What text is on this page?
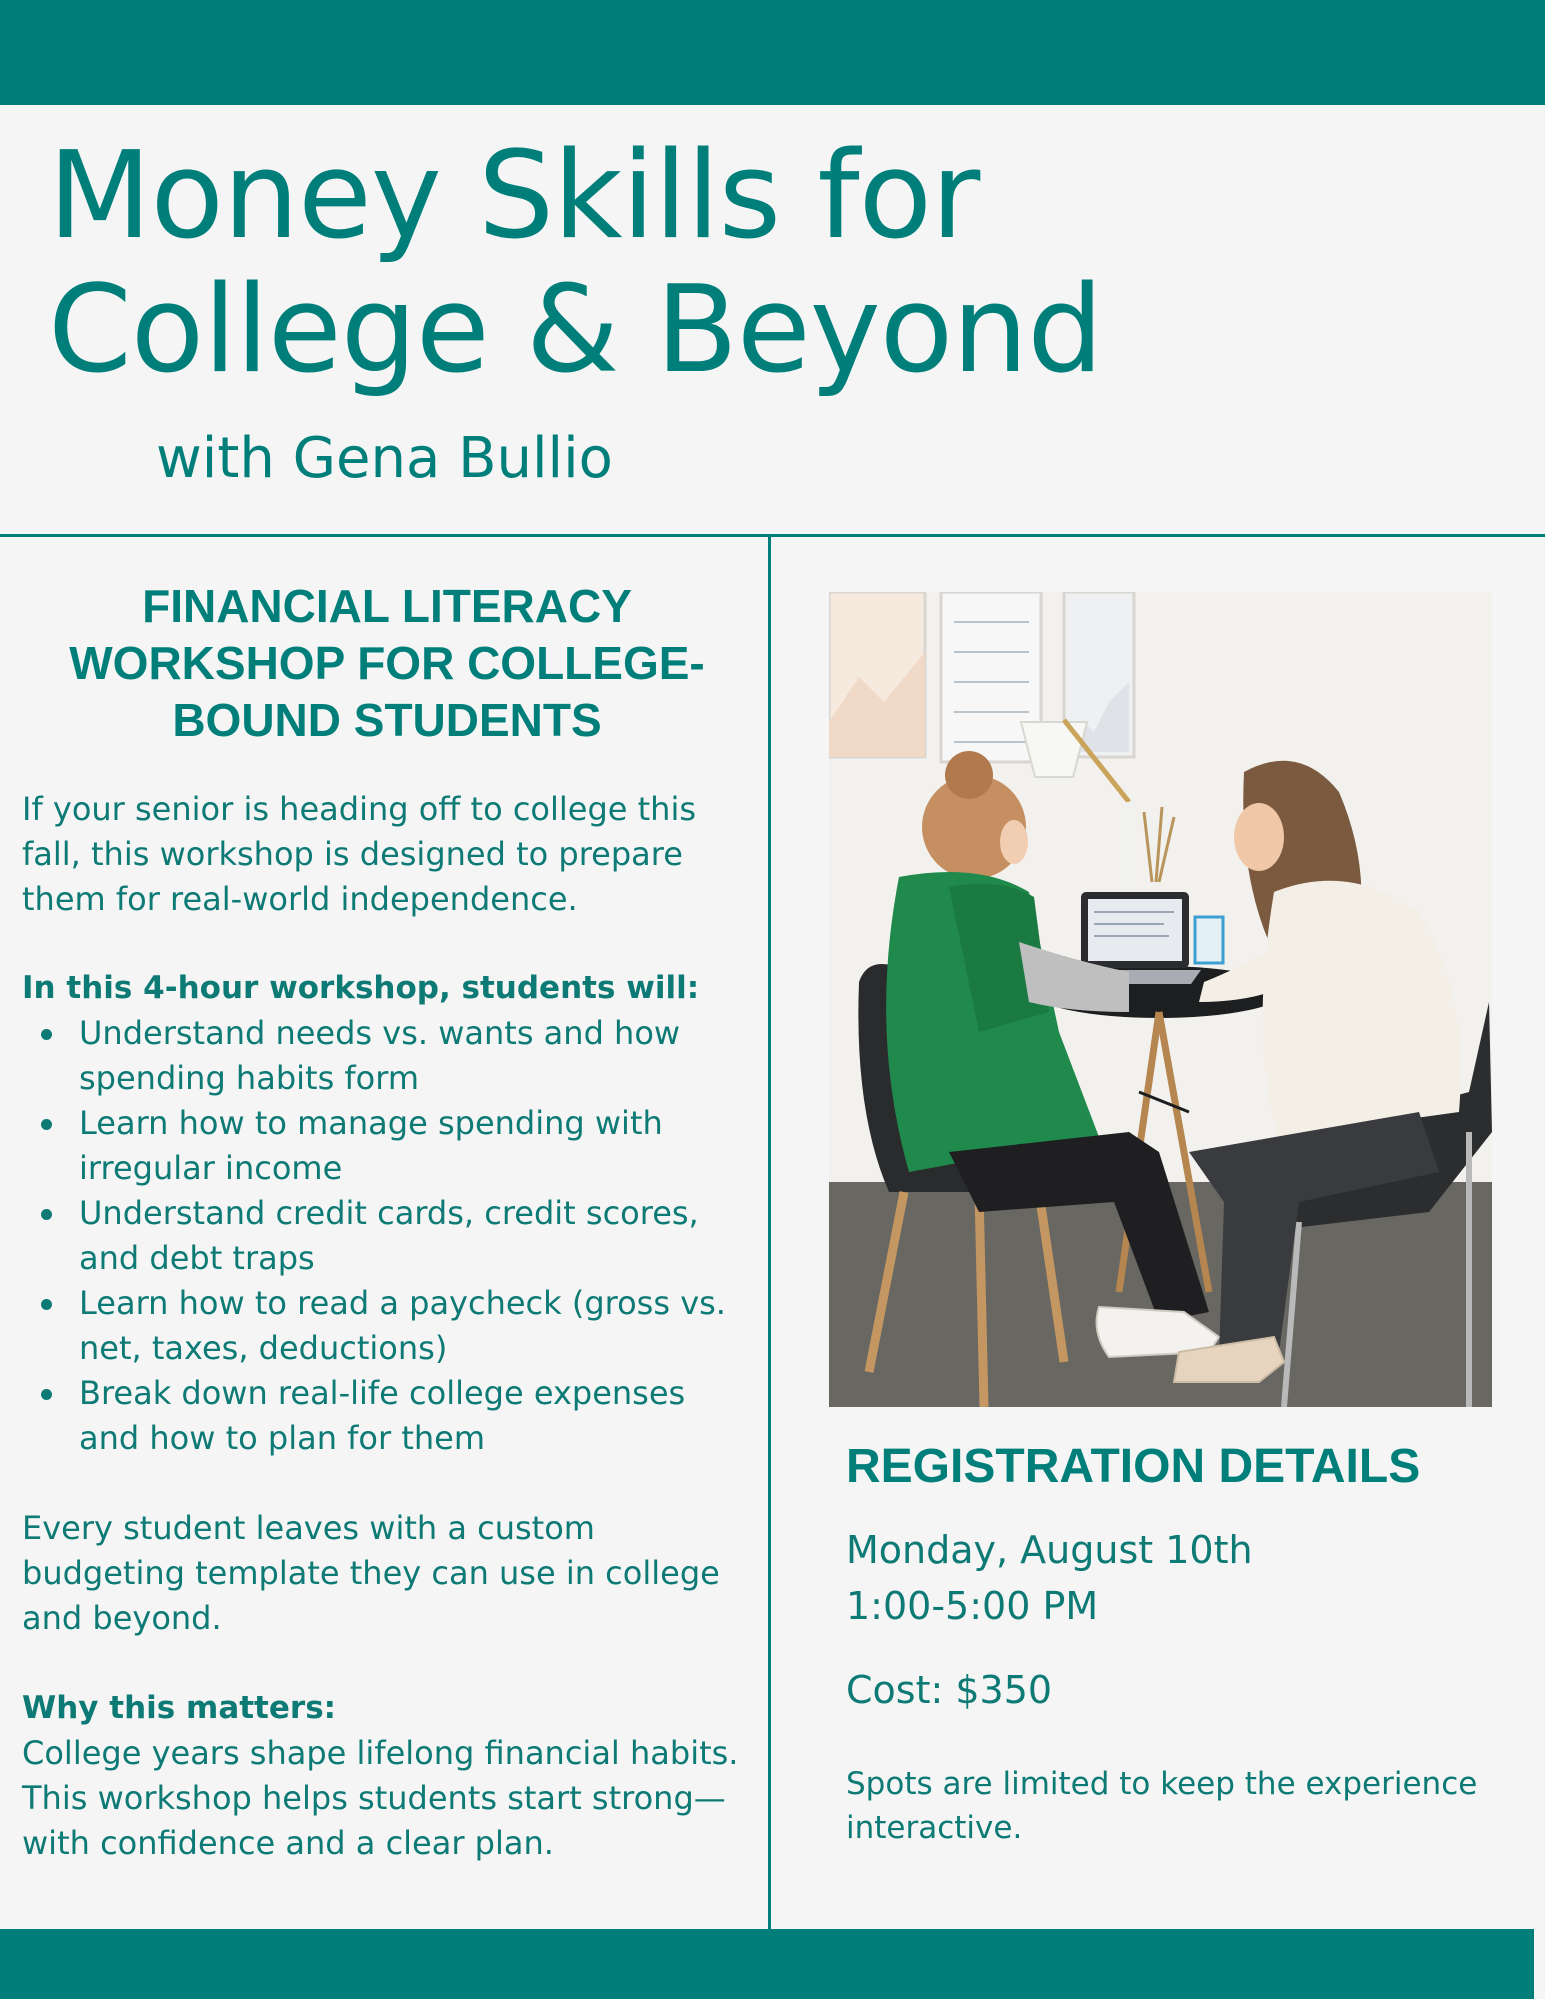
Money Skills for
College & Beyond
with Gena Bullio
FINANCIAL LITERACY
WORKSHOP FOR COLLEGE-
BOUND STUDENTS

If your senior is heading off to college this fall, this workshop is designed to prepare them for real-world independence.

In this 4-hour workshop, students will:

Understand needs vs. wants and how spending habits form
Learn how to manage spending with irregular income
Understand credit cards, credit scores, and debt traps
Learn how to read a paycheck (gross vs. net, taxes, deductions)
Break down real-life college expenses and how to plan for them

Every student leaves with a custom budgeting template they can use in college and beyond.

Why this matters:

College years shape lifelong financial habits. This workshop helps students start strong—with confidence and a clear plan.

REGISTRATION DETAILS

Monday, August 10th

1:00-5:00 PM

Cost: $350

Spots are limited to keep the experience interactive.
